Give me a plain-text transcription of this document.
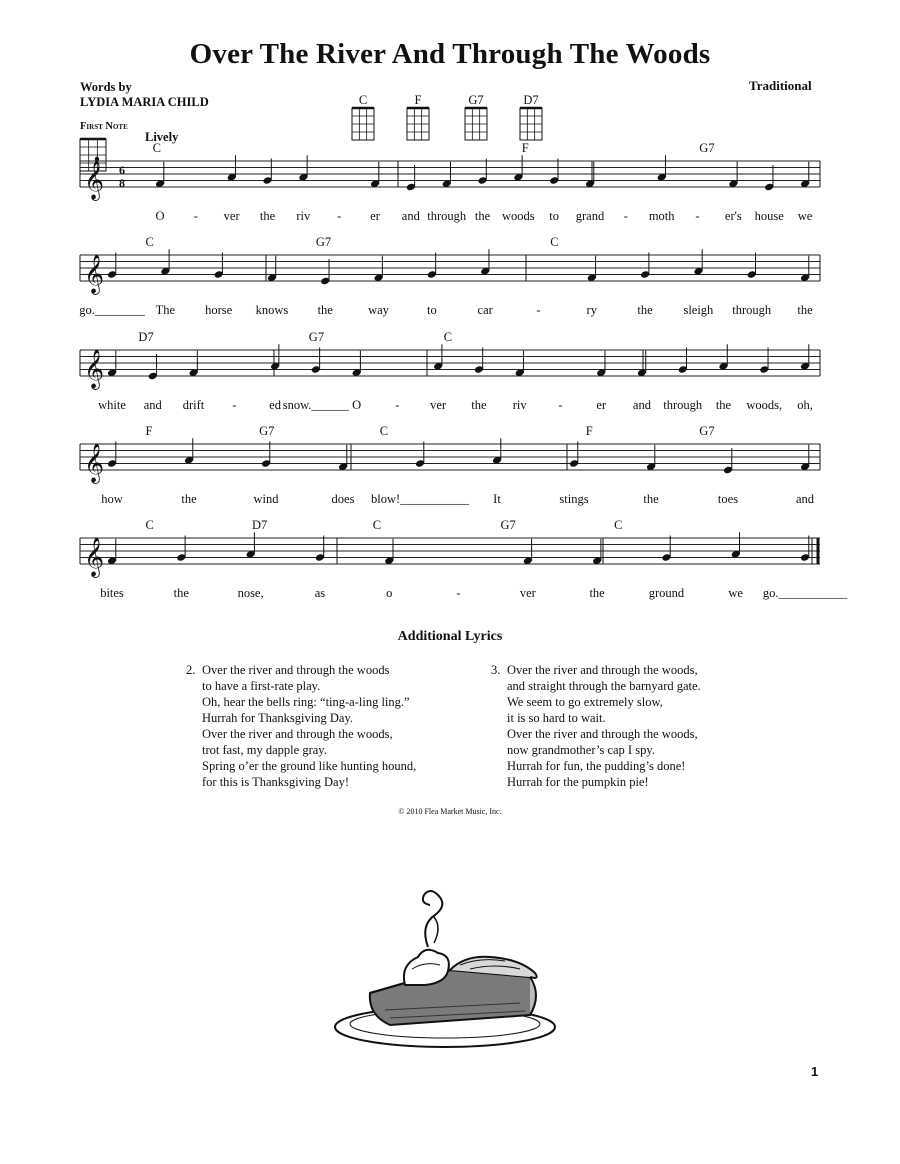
Over The River And Through The Woods
Words by
LYDIA MARIA CHILD
Traditional
First Note
Lively
C	F	G7	D7
𝄞 6
8
C	F	G7
O - ver the riv - er and through the woods to grand - moth - er's house we
𝄞
C	G7	C
go.________ The horse knows the	way	to	car	-	ry	the sleigh through the
𝄞
D7	G7	C
white and drift -	ed snow.______ O	- ver the riv	-	er and through the woods, oh,
𝄞
F	G7	C	F	G7
how	the	wind	does blow!___________ It	stings	the	toes	and
𝄞
C	D7	C	G7	C
bites	the	nose,	as	o	-	ver	the	ground	we go.___________
Additional Lyrics
2. Over the river and through the woods
to have a first-rate play.
Oh, hear the bells ring: “ting-a-ling ling.”
Hurrah for Thanksgiving Day.
Over the river and through the woods,
trot fast, my dapple gray.
Spring o’er the ground like hunting hound,
for this is Thanksgiving Day!
3. Over the river and through the woods,
and straight through the barnyard gate.
We seem to go extremely slow,
it is so hard to wait.
Over the river and through the woods,
now grandmother’s cap I spy.
Hurrah for fun, the pudding’s done!
Hurrah for the pumpkin pie!
© 2010 Flea Market Music, Inc.
1
